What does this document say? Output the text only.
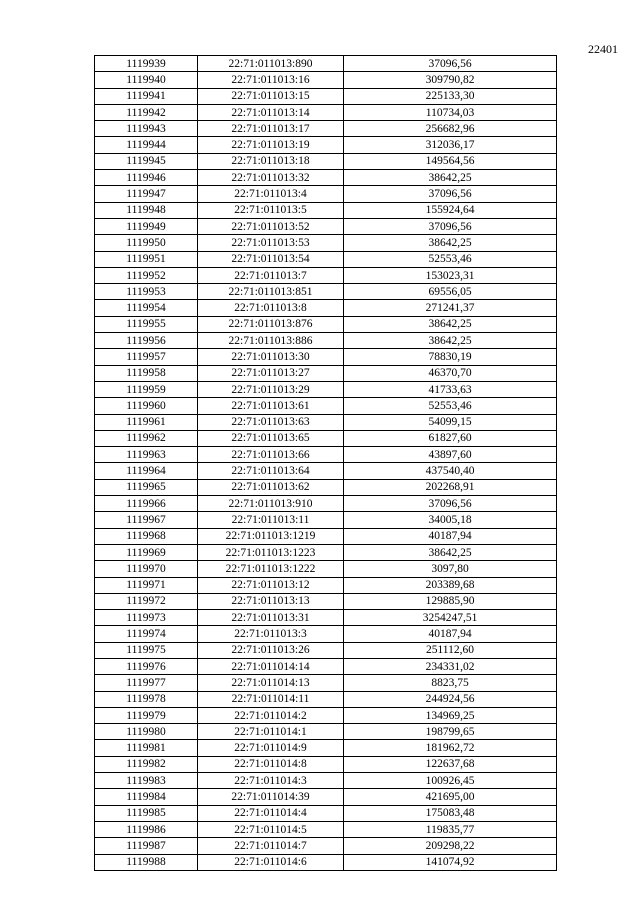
22401
1119939	22:71:011013:890	37096,56
1119940	22:71:011013:16	309790,82
1119941	22:71:011013:15	225133,30
1119942	22:71:011013:14	110734,03
1119943	22:71:011013:17	256682,96
1119944	22:71:011013:19	312036,17
1119945	22:71:011013:18	149564,56
1119946	22:71:011013:32	38642,25
1119947	22:71:011013:4	37096,56
1119948	22:71:011013:5	155924,64
1119949	22:71:011013:52	37096,56
1119950	22:71:011013:53	38642,25
1119951	22:71:011013:54	52553,46
1119952	22:71:011013:7	153023,31
1119953	22:71:011013:851	69556,05
1119954	22:71:011013:8	271241,37
1119955	22:71:011013:876	38642,25
1119956	22:71:011013:886	38642,25
1119957	22:71:011013:30	78830,19
1119958	22:71:011013:27	46370,70
1119959	22:71:011013:29	41733,63
1119960	22:71:011013:61	52553,46
1119961	22:71:011013:63	54099,15
1119962	22:71:011013:65	61827,60
1119963	22:71:011013:66	43897,60
1119964	22:71:011013:64	437540,40
1119965	22:71:011013:62	202268,91
1119966	22:71:011013:910	37096,56
1119967	22:71:011013:11	34005,18
1119968	22:71:011013:1219	40187,94
1119969	22:71:011013:1223	38642,25
1119970	22:71:011013:1222	3097,80
1119971	22:71:011013:12	203389,68
1119972	22:71:011013:13	129885,90
1119973	22:71:011013:31	3254247,51
1119974	22:71:011013:3	40187,94
1119975	22:71:011013:26	251112,60
1119976	22:71:011014:14	234331,02
1119977	22:71:011014:13	8823,75
1119978	22:71:011014:11	244924,56
1119979	22:71:011014:2	134969,25
1119980	22:71:011014:1	198799,65
1119981	22:71:011014:9	181962,72
1119982	22:71:011014:8	122637,68
1119983	22:71:011014:3	100926,45
1119984	22:71:011014:39	421695,00
1119985	22:71:011014:4	175083,48
1119986	22:71:011014:5	119835,77
1119987	22:71:011014:7	209298,22
1119988	22:71:011014:6	141074,92
